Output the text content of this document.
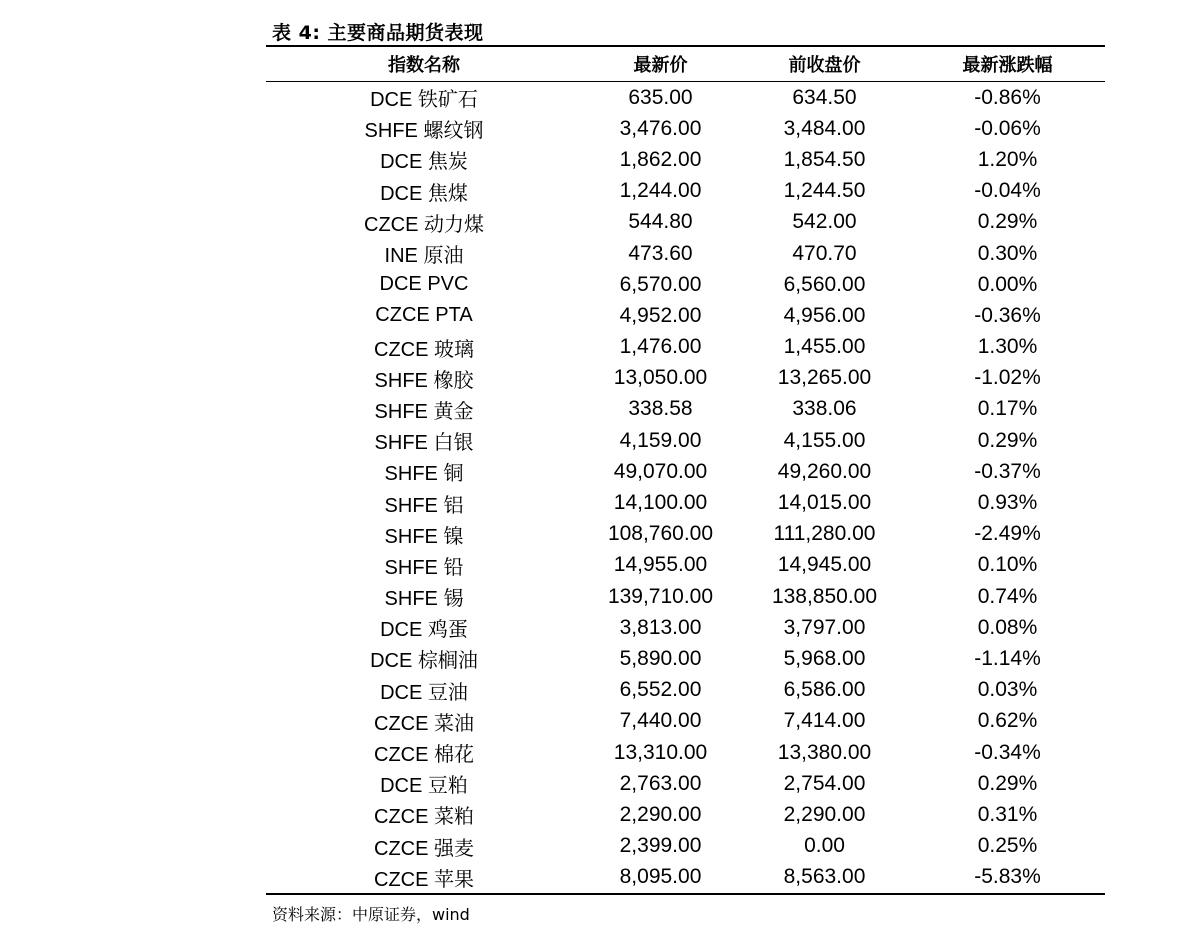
表 4: 主要商品期货表现
指数名称	最新价	前收盘价	最新涨跌幅
DCE 铁矿石	635.00	634.50	-0.86%
SHFE 螺纹钢	3,476.00	3,484.00	-0.06%
DCE 焦炭	1,862.00	1,854.50	1.20%
DCE 焦煤	1,244.00	1,244.50	-0.04%
CZCE 动力煤	544.80	542.00	0.29%
INE 原油	473.60	470.70	0.30%
DCE PVC	6,570.00	6,560.00	0.00%
CZCE PTA	4,952.00	4,956.00	-0.36%
CZCE 玻璃	1,476.00	1,455.00	1.30%
SHFE 橡胶	13,050.00	13,265.00	-1.02%
SHFE 黄金	338.58	338.06	0.17%
SHFE 白银	4,159.00	4,155.00	0.29%
SHFE 铜	49,070.00	49,260.00	-0.37%
SHFE 铝	14,100.00	14,015.00	0.93%
SHFE 镍	108,760.00	111,280.00	-2.49%
SHFE 铅	14,955.00	14,945.00	0.10%
SHFE 锡	139,710.00	138,850.00	0.74%
DCE 鸡蛋	3,813.00	3,797.00	0.08%
DCE 棕榈油	5,890.00	5,968.00	-1.14%
DCE 豆油	6,552.00	6,586.00	0.03%
CZCE 菜油	7,440.00	7,414.00	0.62%
CZCE 棉花	13,310.00	13,380.00	-0.34%
DCE 豆粕	2,763.00	2,754.00	0.29%
CZCE 菜粕	2,290.00	2,290.00	0.31%
CZCE 强麦	2,399.00	0.00	0.25%
CZCE 苹果	8,095.00	8,563.00	-5.83%
资料来源：中原证券，wind
